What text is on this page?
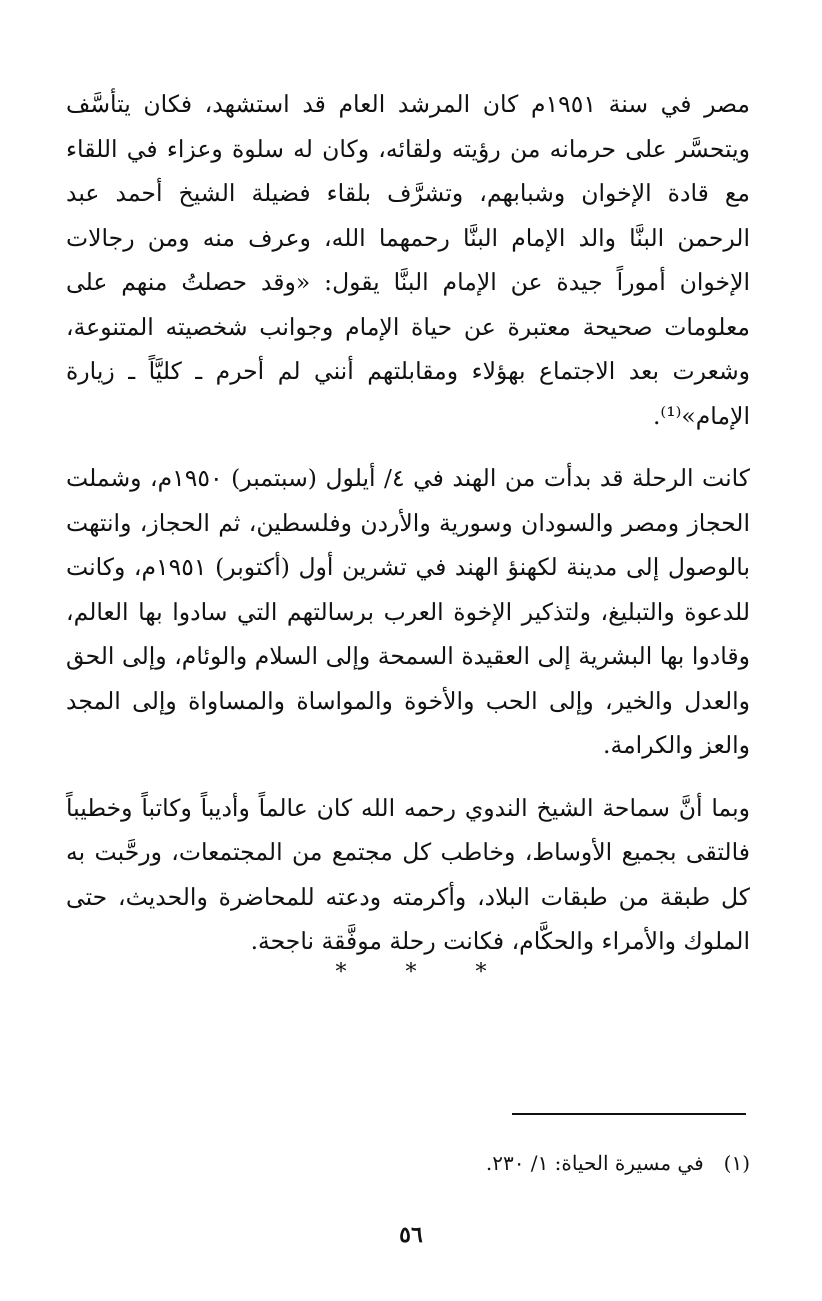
مصر في سنة ١٩٥١م كان المرشد العام قد استشهد، فكان يتأسَّف ويتحسَّر على حرمانه من رؤيته ولقائه، وكان له سلوة وعزاء في اللقاء مع قادة الإخوان وشبابهم، وتشرَّف بلقاء فضيلة الشيخ أحمد عبد الرحمن البنَّا والد الإمام البنَّا رحمهما الله، وعرف منه ومن رجالات الإخوان أموراً جيدة عن الإمام البنَّا يقول: «وقد حصلتُ منهم على معلومات صحيحة معتبرة عن حياة الإمام وجوانب شخصيته المتنوعة، وشعرت بعد الاجتماع بهؤلاء ومقابلتهم أنني لم أحرم ـ كليَّاً ـ زيارة الإمام»⁽¹⁾.

كانت الرحلة قد بدأت من الهند في ٤/ أيلول (سبتمبر) ١٩٥٠م، وشملت الحجاز ومصر والسودان وسورية والأردن وفلسطين، ثم الحجاز، وانتهت بالوصول إلى مدينة لكهنؤ الهند في تشرين أول (أكتوبر) ١٩٥١م، وكانت للدعوة والتبليغ، ولتذكير الإخوة العرب برسالتهم التي سادوا بها العالم، وقادوا بها البشرية إلى العقيدة السمحة وإلى السلام والوئام، وإلى الحق والعدل والخير، وإلى الحب والأخوة والمواساة والمساواة وإلى المجد والعز والكرامة.

وبما أنَّ سماحة الشيخ الندوي رحمه الله كان عالماً وأديباً وكاتباً وخطيباً فالتقى بجميع الأوساط، وخاطب كل مجتمع من المجتمعات، ورحَّبت به كل طبقة من طبقات البلاد، وأكرمته ودعته للمحاضرة والحديث، حتى الملوك والأمراء والحكَّام، فكانت رحلة موفَّقة ناجحة.

*	*	*
(١)في مسيرة الحياة: ١/ ٢٣٠.
٥٦
